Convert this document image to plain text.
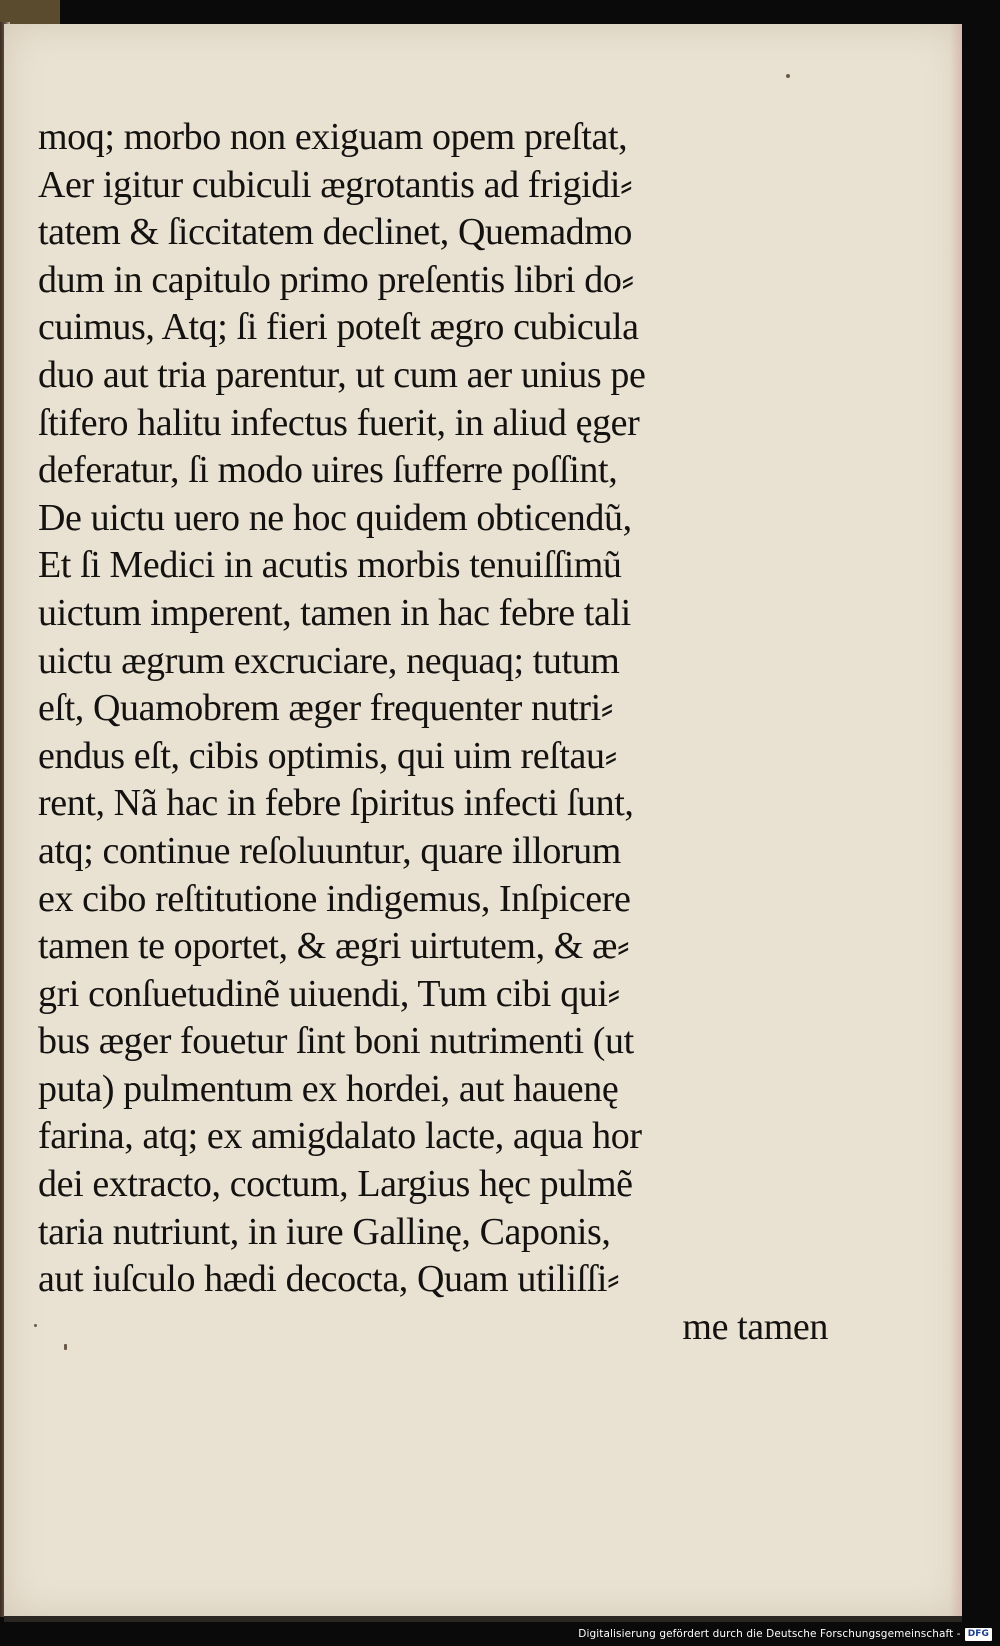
moq; morbo non exiguam opem preſtat,
Aer igitur cubiculi ægrotantis ad frigidi⸗
tatem & ſiccitatem declinet, Quemadmo
dum in capitulo primo preſentis libri do⸗
cuimus, Atq; ſi fieri poteſt ægro cubicula
duo aut tria parentur, ut cum aer unius pe
ſtifero halitu infectus fuerit, in aliud ęger
deferatur, ſi modo uires ſufferre poſſint,
De uictu uero ne hoc quidem obticendũ,
Et ſi Medici in acutis morbis tenuiſſimũ
uictum imperent, tamen in hac febre tali
uictu ægrum excruciare, nequaq; tutum
eſt, Quamobrem æger frequenter nutri⸗
endus eſt, cibis optimis, qui uim reſtau⸗
rent, Nã hac in febre ſpiritus infecti ſunt,
atq; continue reſoluuntur, quare illorum
ex cibo reſtitutione indigemus, Inſpicere
tamen te oportet, & ægri uirtutem, & æ⸗
gri conſuetudinẽ uiuendi, Tum cibi qui⸗
bus æger fouetur ſint boni nutrimenti (ut
puta) pulmentum ex hordei, aut hauenę
farina, atq; ex amigdalato lacte, aqua hor
dei extracto, coctum, Largius hęc pulmẽ
taria nutriunt, in iure Gallinę, Caponis,
aut iuſculo hædi decocta, Quam utiliſſi⸗
me tamen
Digitalisierung gefördert durch die Deutsche Forschungsgemeinschaft - DFG
